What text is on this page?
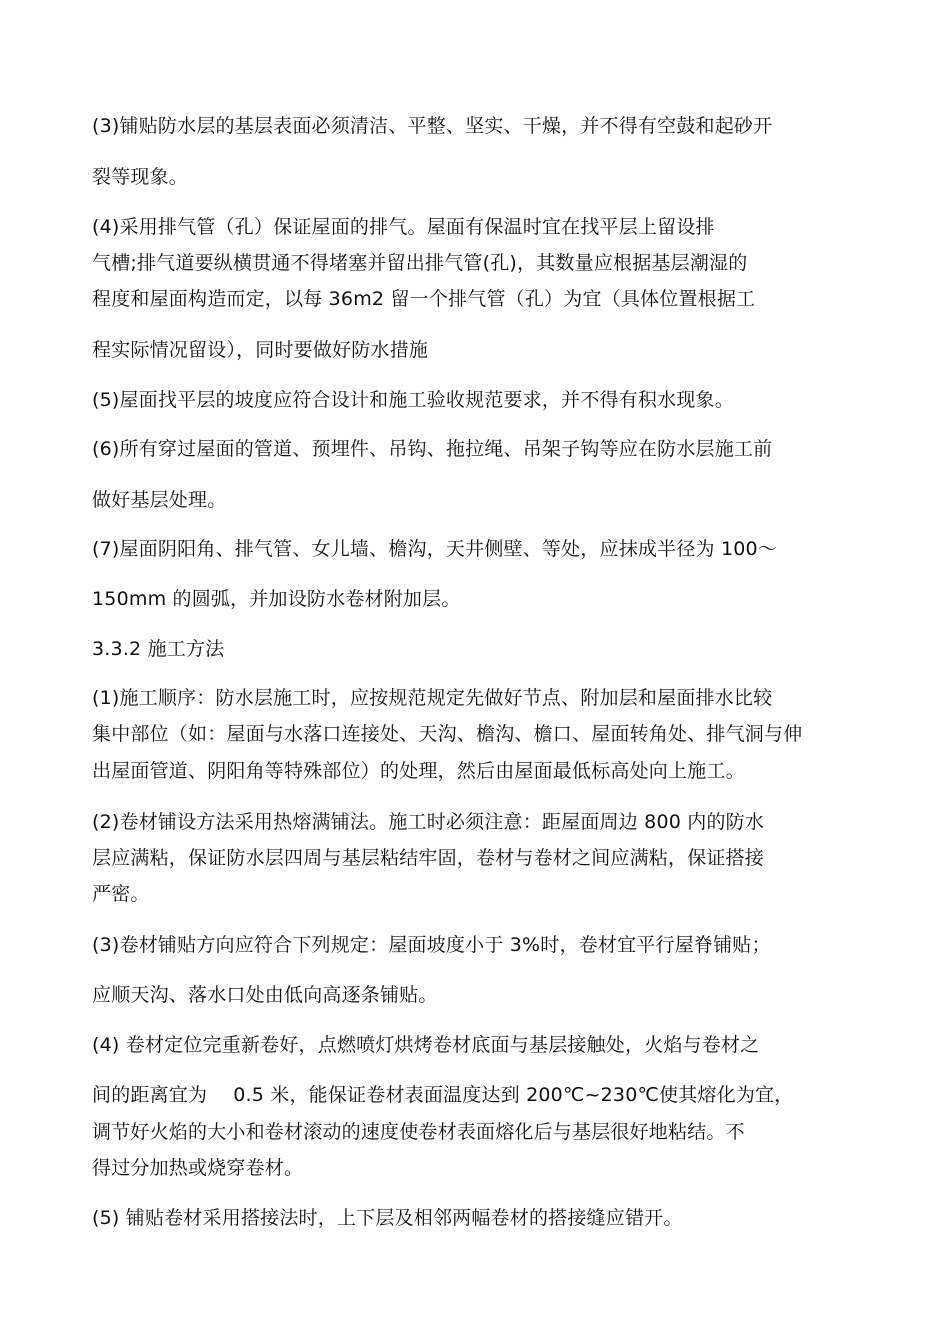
(3)铺贴防水层的基层表面必须清洁、平整、坚实、干燥，并不得有空鼓和起砂开
裂等现象。
(4)采用排气管（孔）保证屋面的排气。屋面有保温时宜在找平层上留设排
气槽;排气道要纵横贯通不得堵塞并留出排气管(孔)，其数量应根据基层潮湿的
程度和屋面构造而定，以每 36m2 留一个排气管（孔）为宜（具体位置根据工
程实际情况留设），同时要做好防水措施
(5)屋面找平层的坡度应符合设计和施工验收规范要求，并不得有积水现象。
(6)所有穿过屋面的管道、预埋件、吊钩、拖拉绳、吊架子钩等应在防水层施工前
做好基层处理。
(7)屋面阴阳角、排气管、女儿墙、檐沟，天井侧壁、等处，应抹成半径为 100～
150mm 的圆弧，并加设防水卷材附加层。
3.3.2 施工方法
(1)施工顺序：防水层施工时，应按规范规定先做好节点、附加层和屋面排水比较
集中部位（如：屋面与水落口连接处、天沟、檐沟、檐口、屋面转角处、排气洞与伸
出屋面管道、阴阳角等特殊部位）的处理，然后由屋面最低标高处向上施工。
(2)卷材铺设方法采用热熔满铺法。施工时必须注意：距屋面周边 800 内的防水
层应满粘，保证防水层四周与基层粘结牢固，卷材与卷材之间应满粘，保证搭接
严密。
(3)卷材铺贴方向应符合下列规定：屋面坡度小于 3%时，卷材宜平行屋脊铺贴；
应顺天沟、落水口处由低向高逐条铺贴。
(4) 卷材定位完重新卷好，点燃喷灯烘烤卷材底面与基层接触处，火焰与卷材之
间的距离宜为 0.5 米，能保证卷材表面温度达到 200℃~230℃使其熔化为宜，
调节好火焰的大小和卷材滚动的速度使卷材表面熔化后与基层很好地粘结。不
得过分加热或烧穿卷材。
(5) 铺贴卷材采用搭接法时，上下层及相邻两幅卷材的搭接缝应错开。
